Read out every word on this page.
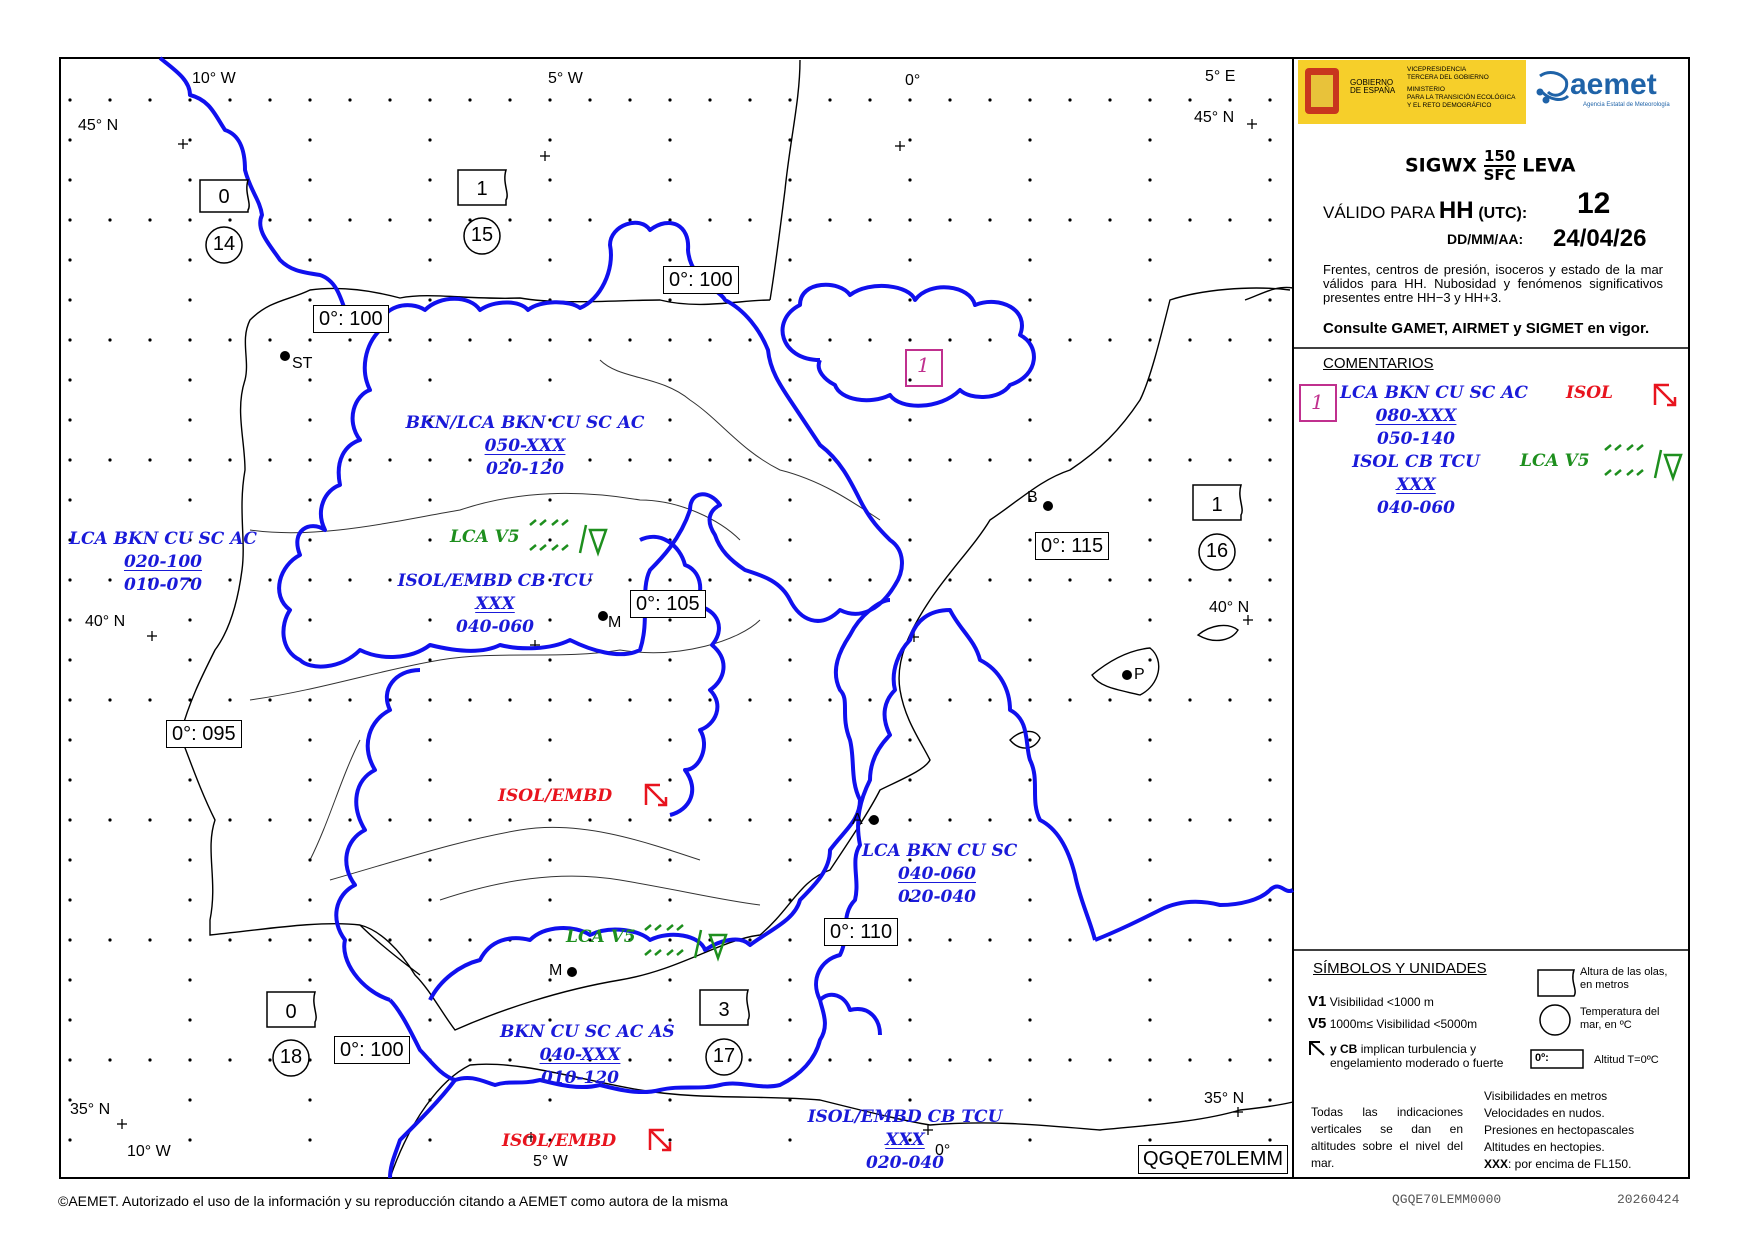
GOBIERNO
DE ESPAÑA
VICEPRESIDENCIA
TERCERA DEL GOBIERNO
MINISTERIO
PARA LA TRANSICIÓN ECOLÓGICA
Y EL RETO DEMOGRÁFICO
aemet
Agencia Estatal de Meteorología
SIGWX 150
SFC LEVA
VÁLIDO PARA HH (UTC): 12
DD/MM/AA: 24/04/26
Frentes, centros de presión, isoceros y estado de la mar válidos para HH. Nubosidad y fenómenos significativos presentes entre HH−3 y HH+3.
Consulte GAMET, AIRMET y SIGMET en vigor.
COMENTARIOS
1 LCA BKN CU SC AC
080-XXX
050-140
ISOL CB TCU
XXX
040-060
ISOL
LCA V5
SÍMBOLOS Y UNIDADES
V1 Visibilidad <1000 m
V5 1000m≤ Visibilidad <5000m
y CB implican turbulencia y engelamiento moderado o fuerte
Altura de las olas, en metros
Temperatura del mar, en ºC
0º:	Altitud T=0ºC
Visibilidades en metros
Velocidades en nudos.
Presiones en hectopascales
Altitudes en hectopies.
XXX: por encima de FL150.
Todas las indicaciones verticales se dan en altitudes sobre el nivel del mar.
QGQE70LEMM
10° W	5° W	0°	5° E
45° N	45° N
40° N
40° N
35° N
35° N
10° W
5° W
0°
ST
B
M
P
A
M
0°: 100
0°: 100
0°: 105
0°: 115
0°: 095
0°: 110
0°: 100
0
14
1
15
1
16
0
18
3
17
BKN/LCA BKN CU SC AC
050-XXX
020-120
LCA V5
ISOL/EMBD CB TCU
XXX
040-060
LCA BKN CU SC AC
020-100
010-070
ISOL/EMBD
LCA BKN CU SC
040-060
020-040
LCA V5
BKN CU SC AC AS
040-XXX
010-120
ISOL/EMBD
ISOL/EMBD CB TCU
XXX
020-040
1
©AEMET. Autorizado el uso de la información y su reproducción citando a AEMET como autora de la misma	QGQE70LEMM0000	20260424
